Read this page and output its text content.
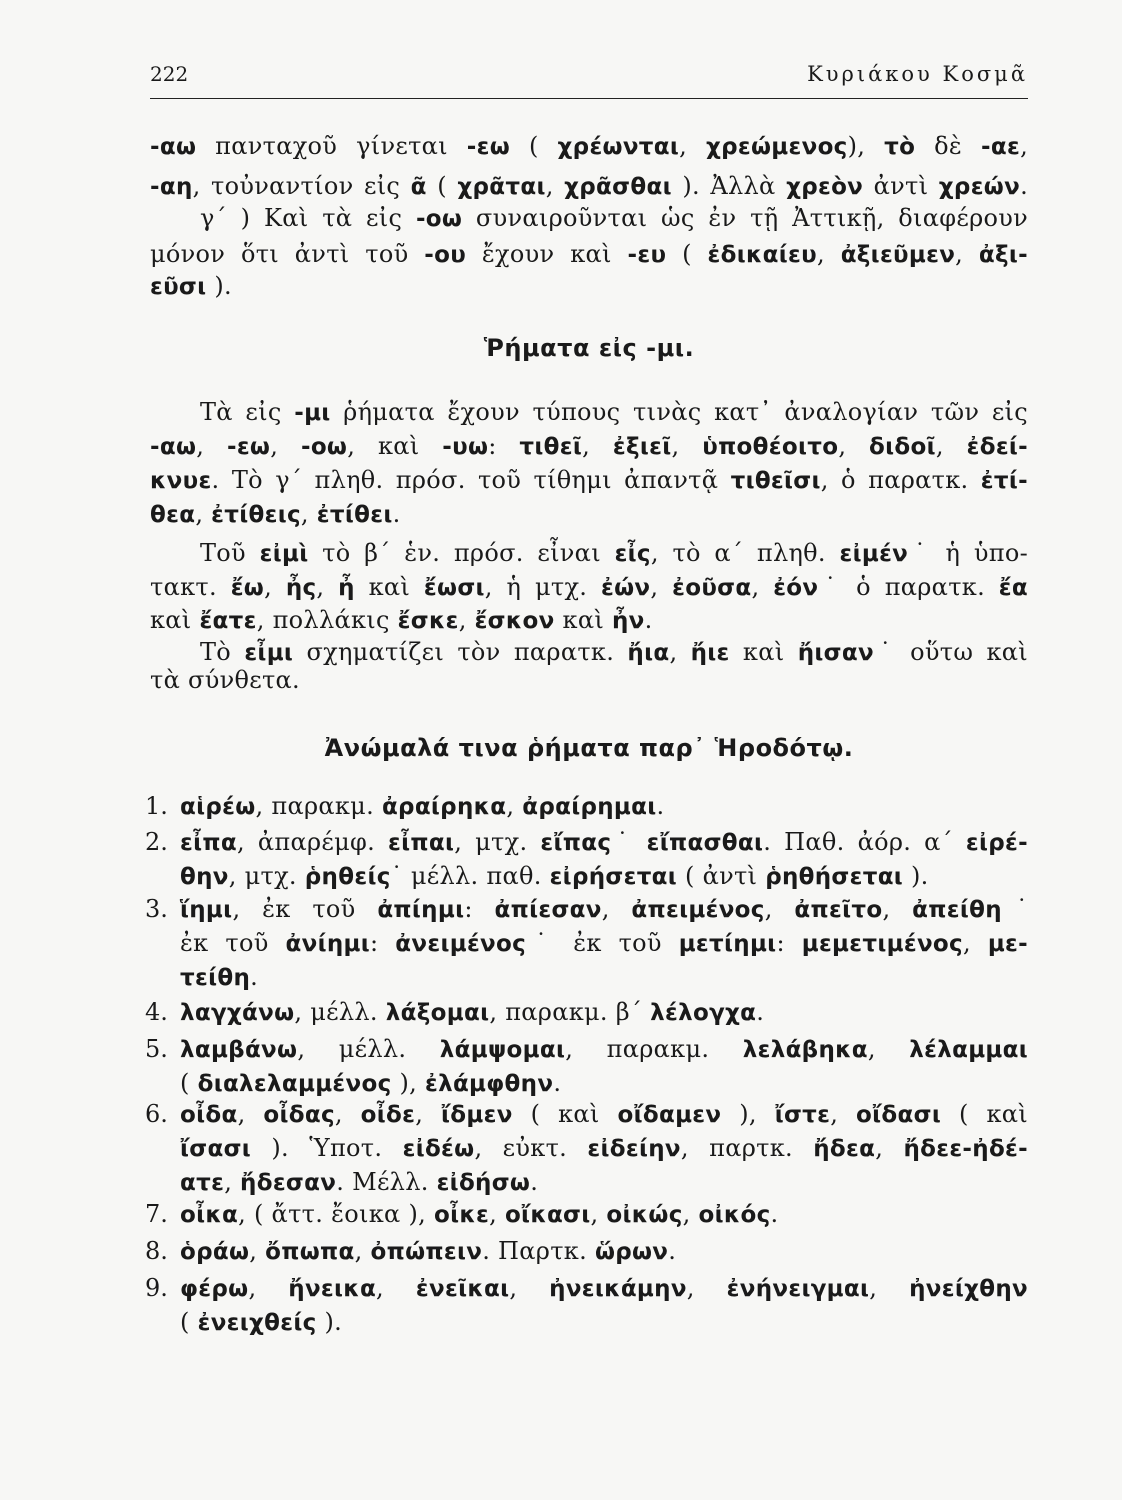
222	Κυριάκου Κοσμᾶ
-αω πανταχοῦ γίνεται -εω ( χρέωνται, χρεώμενος), τὸ δὲ -αε,
-αη, τοὐναντίον εἰς ᾶ ( χρᾶται, χρᾶσθαι ). Ἀλλὰ χρεὸν ἀντὶ χρεών.
γ´ ) Καὶ τὰ εἰς -οω συναιροῦνται ὡς ἐν τῇ Ἀττικῇ, διαφέρουν
μόνον ὅτι ἀντὶ τοῦ -ου ἔχουν καὶ -ευ ( ἐδικαίευ, ἀξιεῦμεν, ἀξι-
εῦσι ).
Ῥήματα εἰς -μι.
Τὰ εἰς -μι ῥήματα ἔχουν τύπους τινὰς κατ᾽ ἀναλογίαν τῶν εἰς
-αω, -εω, -οω, καὶ -υω: τιθεῖ, ἐξιεῖ, ὑποθέοιτο, διδοῖ, ἐδεί-
κνυε. Τὸ γ´ πληθ. πρόσ. τοῦ τίθημι ἀπαντᾷ τιθεῖσι, ὁ παρατκ. ἐτί-
θεα, ἐτίθεις, ἐτίθει.
Τοῦ εἰμὶ τὸ β´ ἑν. πρόσ. εἶναι εἶς, τὸ α´ πληθ. εἰμέν˙ ἡ ὑπο-
τακτ. ἔω, ἦς, ἦ καὶ ἔωσι, ἡ μτχ. ἐών, ἐοῦσα, ἐόν˙ ὁ παρατκ. ἔα
καὶ ἔατε, πολλάκις ἔσκε, ἔσκον καὶ ἦν.
Τὸ εἶμι σχηματίζει τὸν παρατκ. ἤια, ἤιε καὶ ἤισαν˙ οὕτω καὶ
τὰ σύνθετα.
Ἀνώμαλά τινα ῥήματα παρ᾽ Ἡροδότῳ.
1. αἱρέω, παρακμ. ἀραίρηκα, ἀραίρημαι.
2. εἶπα, ἀπαρέμφ. εἶπαι, μτχ. εἴπας˙ εἴπασθαι. Παθ. ἀόρ. α´ εἰρέ-
θην, μτχ. ῥηθείς˙ μέλλ. παθ. εἰρήσεται ( ἀντὶ ῥηθήσεται ).
3. ἵημι, ἐκ τοῦ ἀπίημι: ἀπίεσαν, ἀπειμένος, ἀπεῖτο, ἀπείθη˙
ἐκ τοῦ ἀνίημι: ἀνειμένος˙ ἐκ τοῦ μετίημι: μεμετιμένος, με-
τείθη.
4. λαγχάνω, μέλλ. λάξομαι, παρακμ. β´ λέλογχα.
5. λαμβάνω, μέλλ. λάμψομαι, παρακμ. λελάβηκα, λέλαμμαι
( διαλελαμμένος ), ἐλάμφθην.
6. οἶδα, οἶδας, οἶδε, ἴδμεν ( καὶ οἴδαμεν ), ἴστε, οἴδασι ( καὶ
ἴσασι ). Ὑποτ. εἰδέω, εὐκτ. εἰδείην, παρτκ. ἤδεα, ἤδεε-ἠδέ-
ατε, ἤδεσαν. Μέλλ. εἰδήσω.
7. οἶκα, ( ἄττ. ἔοικα ), οἶκε, οἴκασι, οἰκώς, οἰκός.
8. ὁράω, ὄπωπα, ὀπώπειν. Παρτκ. ὥρων.
9. φέρω, ἤνεικα, ἐνεῖκαι, ἠνεικάμην, ἐνήνειγμαι, ἠνείχθην
( ἐνειχθείς ).
